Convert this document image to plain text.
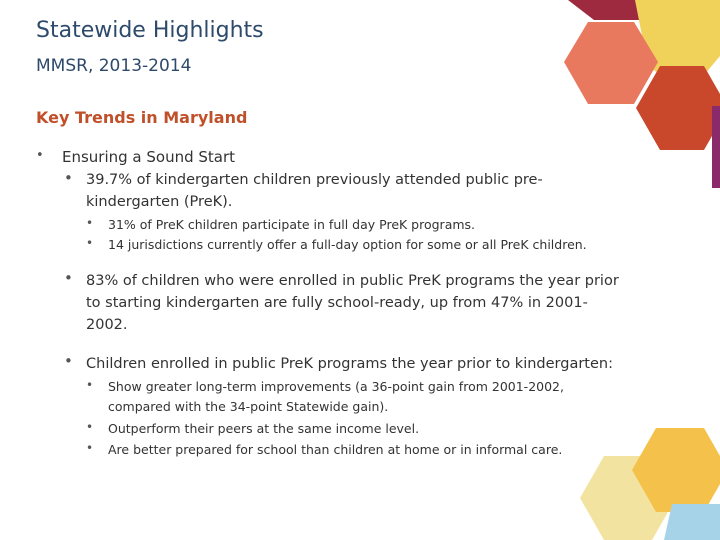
Statewide Highlights
MMSR, 2013-2014
Key Trends in Maryland
• Ensuring a Sound Start
• 39.7% of kindergarten children previously attended public pre-
kindergarten (PreK).
• 31% of PreK children participate in full day PreK programs.
• 14 jurisdictions currently offer a full-day option for some or all PreK children.
• 83% of children who were enrolled in public PreK programs the year prior
to starting kindergarten are fully school-ready, up from 47% in 2001-
2002.
• Children enrolled in public PreK programs the year prior to kindergarten:
• Show greater long-term improvements (a 36-point gain from 2001-2002,
compared with the 34-point Statewide gain).
• Outperform their peers at the same income level.
• Are better prepared for school than children at home or in informal care.
